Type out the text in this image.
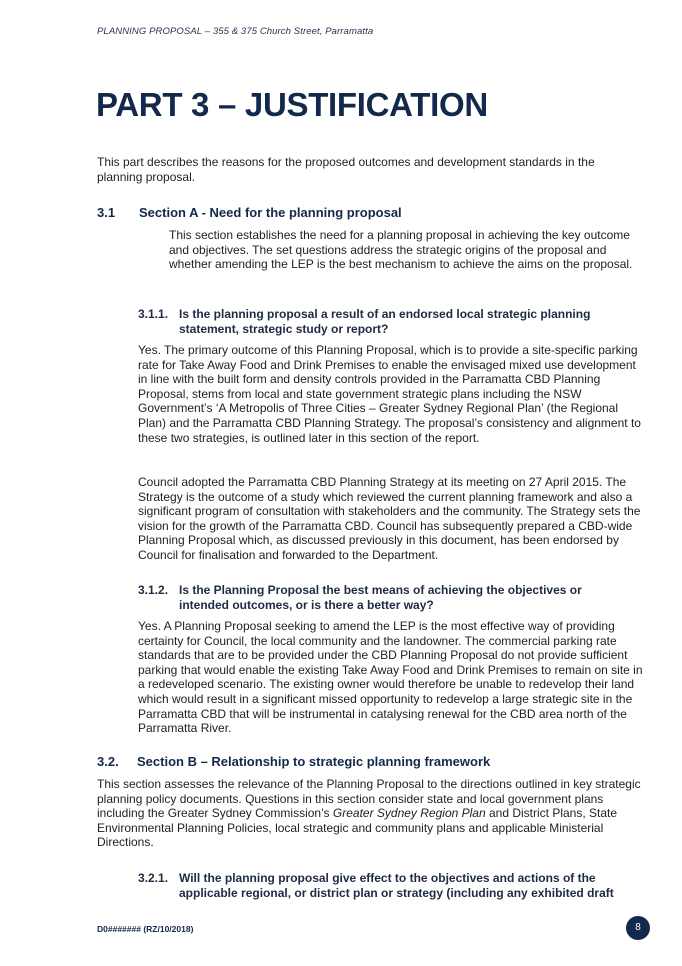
PLANNING PROPOSAL – 355 & 375 Church Street, Parramatta
PART 3 – JUSTIFICATION

This part describes the reasons for the proposed outcomes and development standards in the planning proposal.

3.1 Section A - Need for the planning proposal

This section establishes the need for a planning proposal in achieving the key outcome and objectives. The set questions address the strategic origins of the proposal and whether amending the LEP is the best mechanism to achieve the aims on the proposal.

3.1.1. Is the planning proposal a result of an endorsed local strategic planning statement, strategic study or report?

Yes. The primary outcome of this Planning Proposal, which is to provide a site-specific parking rate for Take Away Food and Drink Premises to enable the envisaged mixed use development in line with the built form and density controls provided in the Parramatta CBD Planning Proposal, stems from local and state government strategic plans including the NSW Government’s ‘A Metropolis of Three Cities – Greater Sydney Regional Plan’ (the Regional Plan) and the Parramatta CBD Planning Strategy. The proposal’s consistency and alignment to these two strategies, is outlined later in this section of the report.

Council adopted the Parramatta CBD Planning Strategy at its meeting on 27 April 2015. The Strategy is the outcome of a study which reviewed the current planning framework and also a significant program of consultation with stakeholders and the community. The Strategy sets the vision for the growth of the Parramatta CBD. Council has subsequently prepared a CBD-wide Planning Proposal which, as discussed previously in this document, has been endorsed by Council for finalisation and forwarded to the Department.

3.1.2. Is the Planning Proposal the best means of achieving the objectives or intended outcomes, or is there a better way?

Yes. A Planning Proposal seeking to amend the LEP is the most effective way of providing certainty for Council, the local community and the landowner. The commercial parking rate standards that are to be provided under the CBD Planning Proposal do not provide sufficient parking that would enable the existing Take Away Food and Drink Premises to remain on site in a redeveloped scenario. The existing owner would therefore be unable to redevelop their land which would result in a significant missed opportunity to redevelop a large strategic site in the Parramatta CBD that will be instrumental in catalysing renewal for the CBD area north of the Parramatta River.

3.2. Section B – Relationship to strategic planning framework

This section assesses the relevance of the Planning Proposal to the directions outlined in key strategic planning policy documents. Questions in this section consider state and local government plans including the Greater Sydney Commission’s Greater Sydney Region Plan and District Plans, State Environmental Planning Policies, local strategic and community plans and applicable Ministerial Directions.

3.2.1. Will the planning proposal give effect to the objectives and actions of the applicable regional, or district plan or strategy (including any exhibited draft
D0####### (RZ/10/2018)	8
